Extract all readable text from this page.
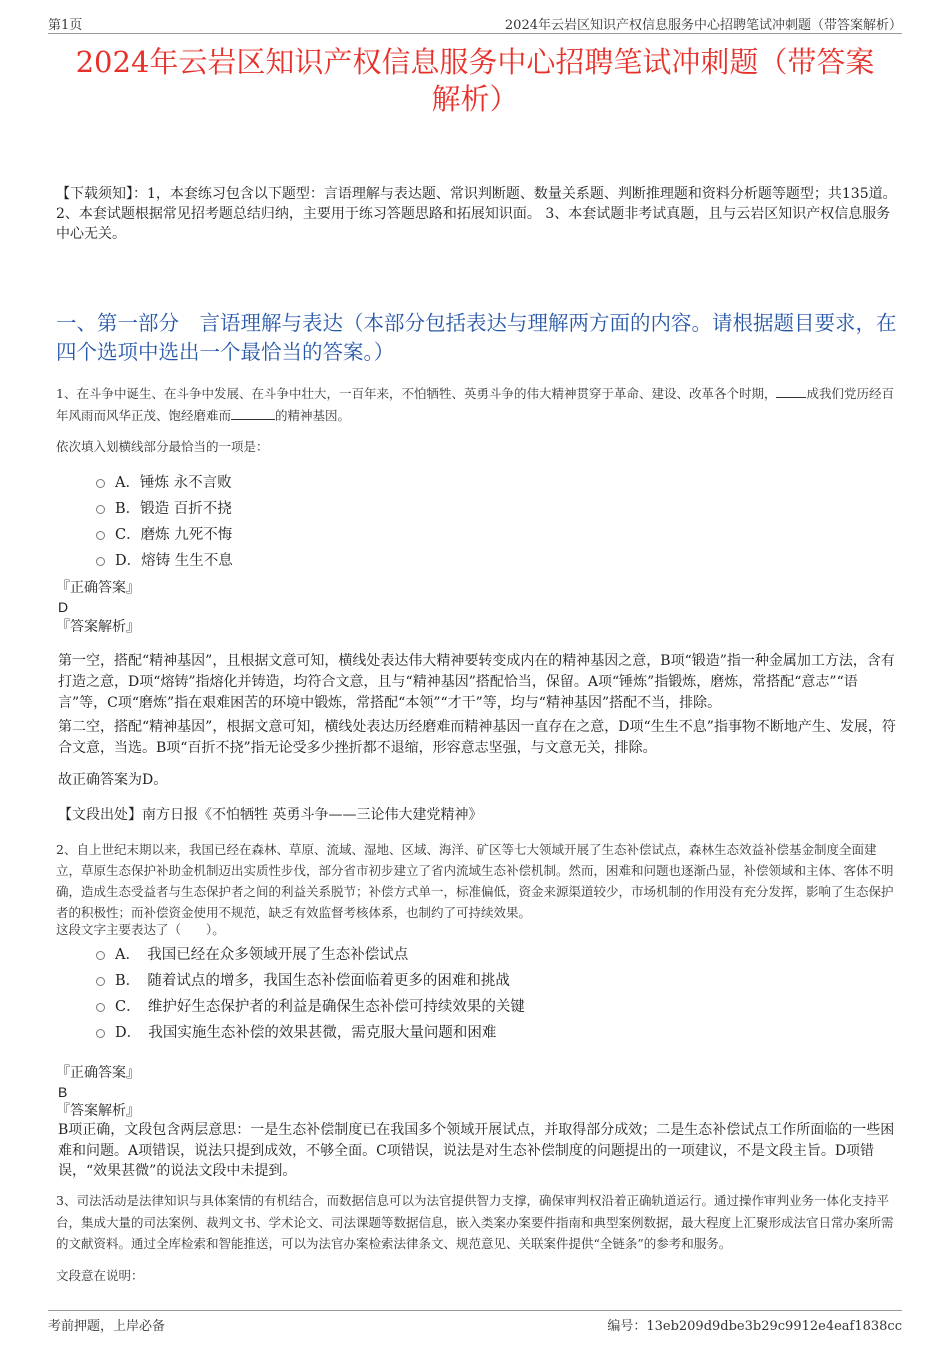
第1页	2024年云岩区知识产权信息服务中心招聘笔试冲刺题（带答案解析）
2024年云岩区知识产权信息服务中心招聘笔试冲刺题（带答案
解析）
【下载须知】：1，本套练习包含以下题型：言语理解与表达题、常识判断题、数量关系题、判断推理题和资料分析题等题型；共135道。 2、本套试题根据常见招考题总结归纳，主要用于练习答题思路和拓展知识面。 3、本套试题非考试真题，且与云岩区知识产权信息服务中心无关。
一、第一部分　言语理解与表达（本部分包括表达与理解两方面的内容。请根据题目要求，在四个选项中选出一个最恰当的答案。）
1、在斗争中诞生、在斗争中发展、在斗争中壮大，一百年来，不怕牺牲、英勇斗争的伟大精神贯穿于革命、建设、改革各个时期， 成我们党历经百年风雨而风华正茂、饱经磨难而	的精神基因。
依次填入划横线部分最恰当的一项是：
A．锤炼 永不言败
B．锻造 百折不挠
C．磨炼 九死不悔
D．熔铸 生生不息
『正确答案』
D
『答案解析』
第一空，搭配“精神基因”，且根据文意可知，横线处表达伟大精神要转变成内在的精神基因之意，B项“锻造”指一种金属加工方法，含有打造之意，D项“熔铸”指熔化并铸造，均符合文意，且与“精神基因”搭配恰当，保留。A项“锤炼”指锻炼，磨炼，常搭配“意志”“语言”等，C项“磨炼”指在艰难困苦的环境中锻炼，常搭配“本领”“才干”等，均与“精神基因”搭配不当，排除。
第二空，搭配“精神基因”，根据文意可知，横线处表达历经磨难而精神基因一直存在之意，D项“生生不息”指事物不断地产生、发展，符合文意，当选。B项“百折不挠”指无论受多少挫折都不退缩，形容意志坚强，与文意无关，排除。
故正确答案为D。
【文段出处】南方日报《不怕牺牲 英勇斗争——三论伟大建党精神》
2、自上世纪末期以来，我国已经在森林、草原、流域、湿地、区域、海洋、矿区等七大领域开展了生态补偿试点，森林生态效益补偿基金制度全面建立，草原生态保护补助金机制迈出实质性步伐，部分省市初步建立了省内流域生态补偿机制。然而，困难和问题也逐渐凸显，补偿领域和主体、客体不明确，造成生态受益者与生态保护者之间的利益关系脱节；补偿方式单一，标准偏低，资金来源渠道较少，市场机制的作用没有充分发挥，影响了生态保护者的积极性；而补偿资金使用不规范，缺乏有效监督考核体系，也制约了可持续效果。
这段文字主要表达了（　　）。
A．　我国已经在众多领域开展了生态补偿试点
B．　随着试点的增多，我国生态补偿面临着更多的困难和挑战
C．　维护好生态保护者的利益是确保生态补偿可持续效果的关键
D．　我国实施生态补偿的效果甚微，需克服大量问题和困难
『正确答案』
B
『答案解析』
B项正确，文段包含两层意思：一是生态补偿制度已在我国多个领域开展试点，并取得部分成效；二是生态补偿试点工作所面临的一些困难和问题。A项错误，说法只提到成效，不够全面。C项错误，说法是对生态补偿制度的问题提出的一项建议，不是文段主旨。D项错误，“效果甚微”的说法文段中未提到。
3、司法活动是法律知识与具体案情的有机结合，而数据信息可以为法官提供智力支撑，确保审判权沿着正确轨道运行。通过操作审判业务一体化支持平台，集成大量的司法案例、裁判文书、学术论文、司法课题等数据信息，嵌入类案办案要件指南和典型案例数据，最大程度上汇聚形成法官日常办案所需的文献资料。通过全库检索和智能推送，可以为法官办案检索法律条文、规范意见、关联案件提供“全链条”的参考和服务。
文段意在说明：
考前押题，上岸必备	编号：13eb209d9dbe3b29c9912e4eaf1838cc
